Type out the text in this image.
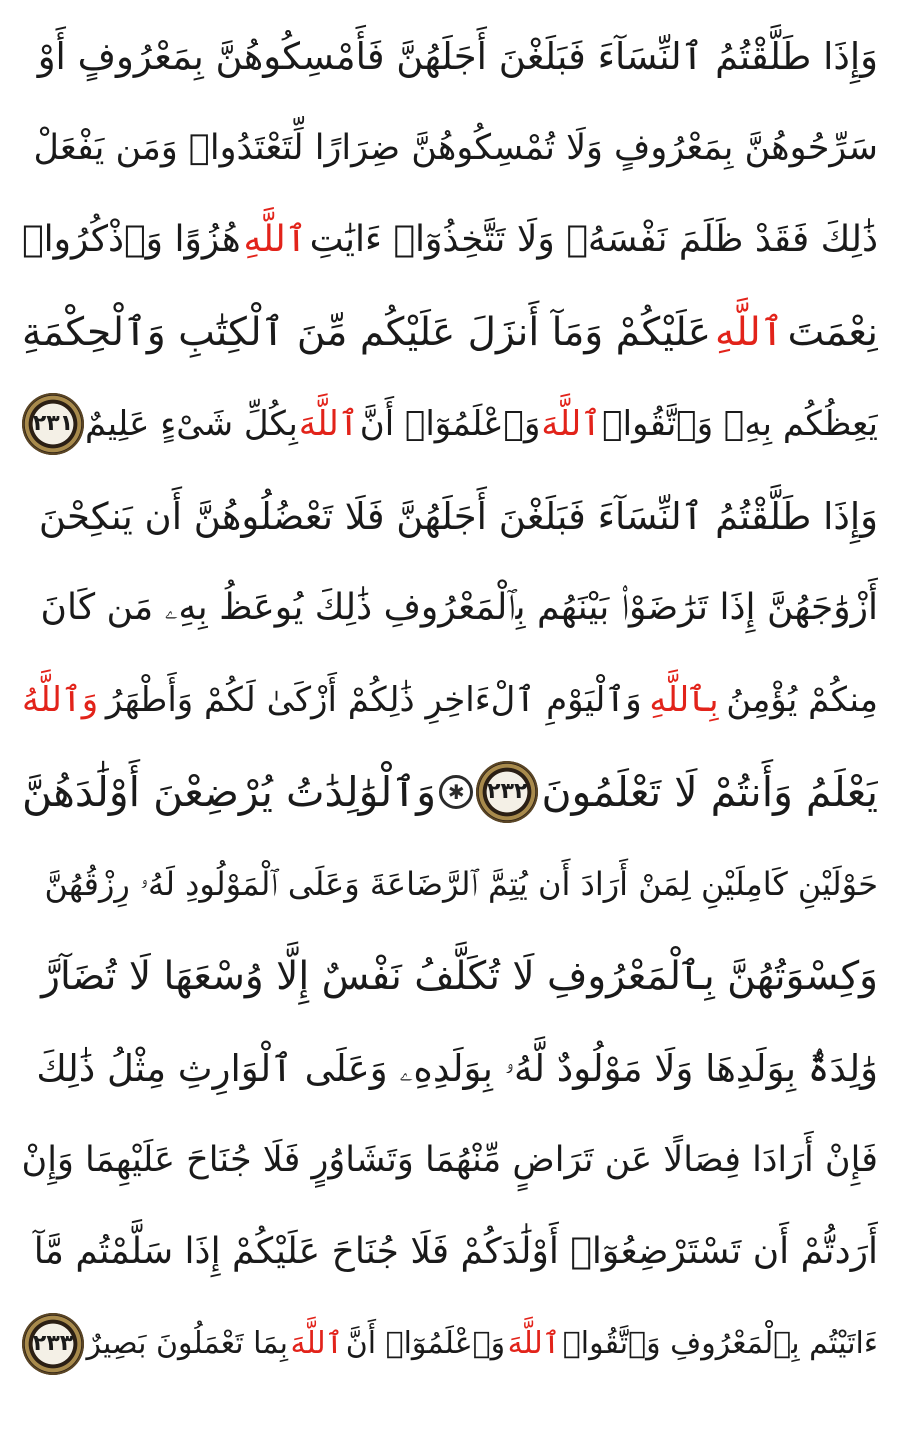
وَإِذَا طَلَّقْتُمُ ٱلنِّسَآءَ فَبَلَغْنَ أَجَلَهُنَّ فَأَمْسِكُوهُنَّ بِمَعْرُوفٍ أَوْ
سَرِّحُوهُنَّ بِمَعْرُوفٍ وَلَا تُمْسِكُوهُنَّ ضِرَارًا لِّتَعْتَدُوا۟ وَمَن يَفْعَلْ
ذَٰلِكَ فَقَدْ ظَلَمَ نَفْسَهُۥ وَلَا تَتَّخِذُوٓا۟ ءَايَٰتِ
ٱللَّهِ
هُزُوًا وَٱذْكُرُوا۟
نِعْمَتَ
ٱللَّهِ
عَلَيْكُمْ وَمَآ أَنزَلَ عَلَيْكُم مِّنَ ٱلْكِتَٰبِ وَٱلْحِكْمَةِ
يَعِظُكُم بِهِۦ وَٱتَّقُوا۟
ٱللَّهَ
وَٱعْلَمُوٓا۟ أَنَّ
ٱللَّهَ
بِكُلِّ شَىْءٍ عَلِيمٌ
٢٣١
وَإِذَا طَلَّقْتُمُ ٱلنِّسَآءَ فَبَلَغْنَ أَجَلَهُنَّ فَلَا تَعْضُلُوهُنَّ أَن يَنكِحْنَ
أَزْوَٰجَهُنَّ إِذَا تَرَٰضَوْا۟ بَيْنَهُم بِٱلْمَعْرُوفِ ذَٰلِكَ يُوعَظُ بِهِۦ مَن كَانَ
مِنكُمْ يُؤْمِنُ
بِٱللَّهِ
وَٱلْيَوْمِ ٱلْءَاخِرِ ذَٰلِكُمْ أَزْكَىٰ لَكُمْ وَأَطْهَرُ
وَٱللَّهُ
يَعْلَمُ وَأَنتُمْ لَا تَعْلَمُونَ
٢٣٢
✱
وَٱلْوَٰلِدَٰتُ يُرْضِعْنَ أَوْلَٰدَهُنَّ
حَوْلَيْنِ كَامِلَيْنِ لِمَنْ أَرَادَ أَن يُتِمَّ ٱلرَّضَاعَةَ وَعَلَى ٱلْمَوْلُودِ لَهُۥ رِزْقُهُنَّ
وَكِسْوَتُهُنَّ بِٱلْمَعْرُوفِ لَا تُكَلَّفُ نَفْسٌ إِلَّا وُسْعَهَا لَا تُضَآرَّ
وَٰلِدَةٌۢ بِوَلَدِهَا وَلَا مَوْلُودٌ لَّهُۥ بِوَلَدِهِۦ وَعَلَى ٱلْوَارِثِ مِثْلُ ذَٰلِكَ
فَإِنْ أَرَادَا فِصَالًا عَن تَرَاضٍ مِّنْهُمَا وَتَشَاوُرٍ فَلَا جُنَاحَ عَلَيْهِمَا وَإِنْ
أَرَدتُّمْ أَن تَسْتَرْضِعُوٓا۟ أَوْلَٰدَكُمْ فَلَا جُنَاحَ عَلَيْكُمْ إِذَا سَلَّمْتُم مَّآ
ءَاتَيْتُم بِٱلْمَعْرُوفِ وَٱتَّقُوا۟
ٱللَّهَ
وَٱعْلَمُوٓا۟ أَنَّ
ٱللَّهَ
بِمَا تَعْمَلُونَ بَصِيرٌ
٢٣٣
